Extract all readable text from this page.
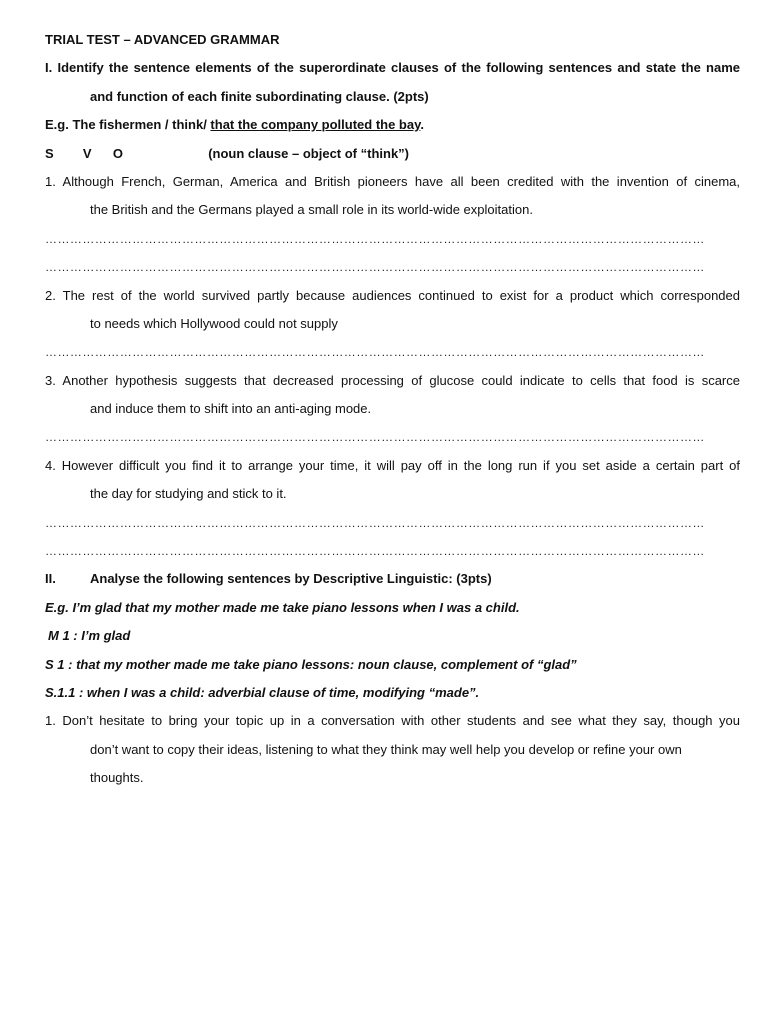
TRIAL TEST – ADVANCED GRAMMAR
I. Identify the sentence elements of the superordinate clauses of the following sentences and state the name
and function of each finite subordinating clause. (2pts)
E.g. The fishermen / think/ that the company polluted the bay.
S V O	(noun clause – object of “think”)
1. Although French, German, America and British pioneers have all been credited with the invention of cinema,
the British and the Germans played a small role in its world-wide exploitation.
……………………………………………………………………………………………………………………………………………
……………………………………………………………………………………………………………………………………………
2. The rest of the world survived partly because audiences continued to exist for a product which corresponded
to needs which Hollywood could not supply
……………………………………………………………………………………………………………………………………………
3. Another hypothesis suggests that decreased processing of glucose could indicate to cells that food is scarce
and induce them to shift into an anti-aging mode.
……………………………………………………………………………………………………………………………………………
4. However difficult you find it to arrange your time, it will pay off in the long run if you set aside a certain part of
the day for studying and stick to it.
……………………………………………………………………………………………………………………………………………
……………………………………………………………………………………………………………………………………………
II.	Analyse the following sentences by Descriptive Linguistic: (3pts)
E.g. I’m glad that my mother made me take piano lessons when I was a child.
M 1 : I’m glad
S 1 : that my mother made me take piano lessons: noun clause, complement of “glad”
S.1.1 : when I was a child: adverbial clause of time, modifying “made”.
1. Don’t hesitate to bring your topic up in a conversation with other students and see what they say, though you
don’t want to copy their ideas, listening to what they think may well help you develop or refine your own
thoughts.
